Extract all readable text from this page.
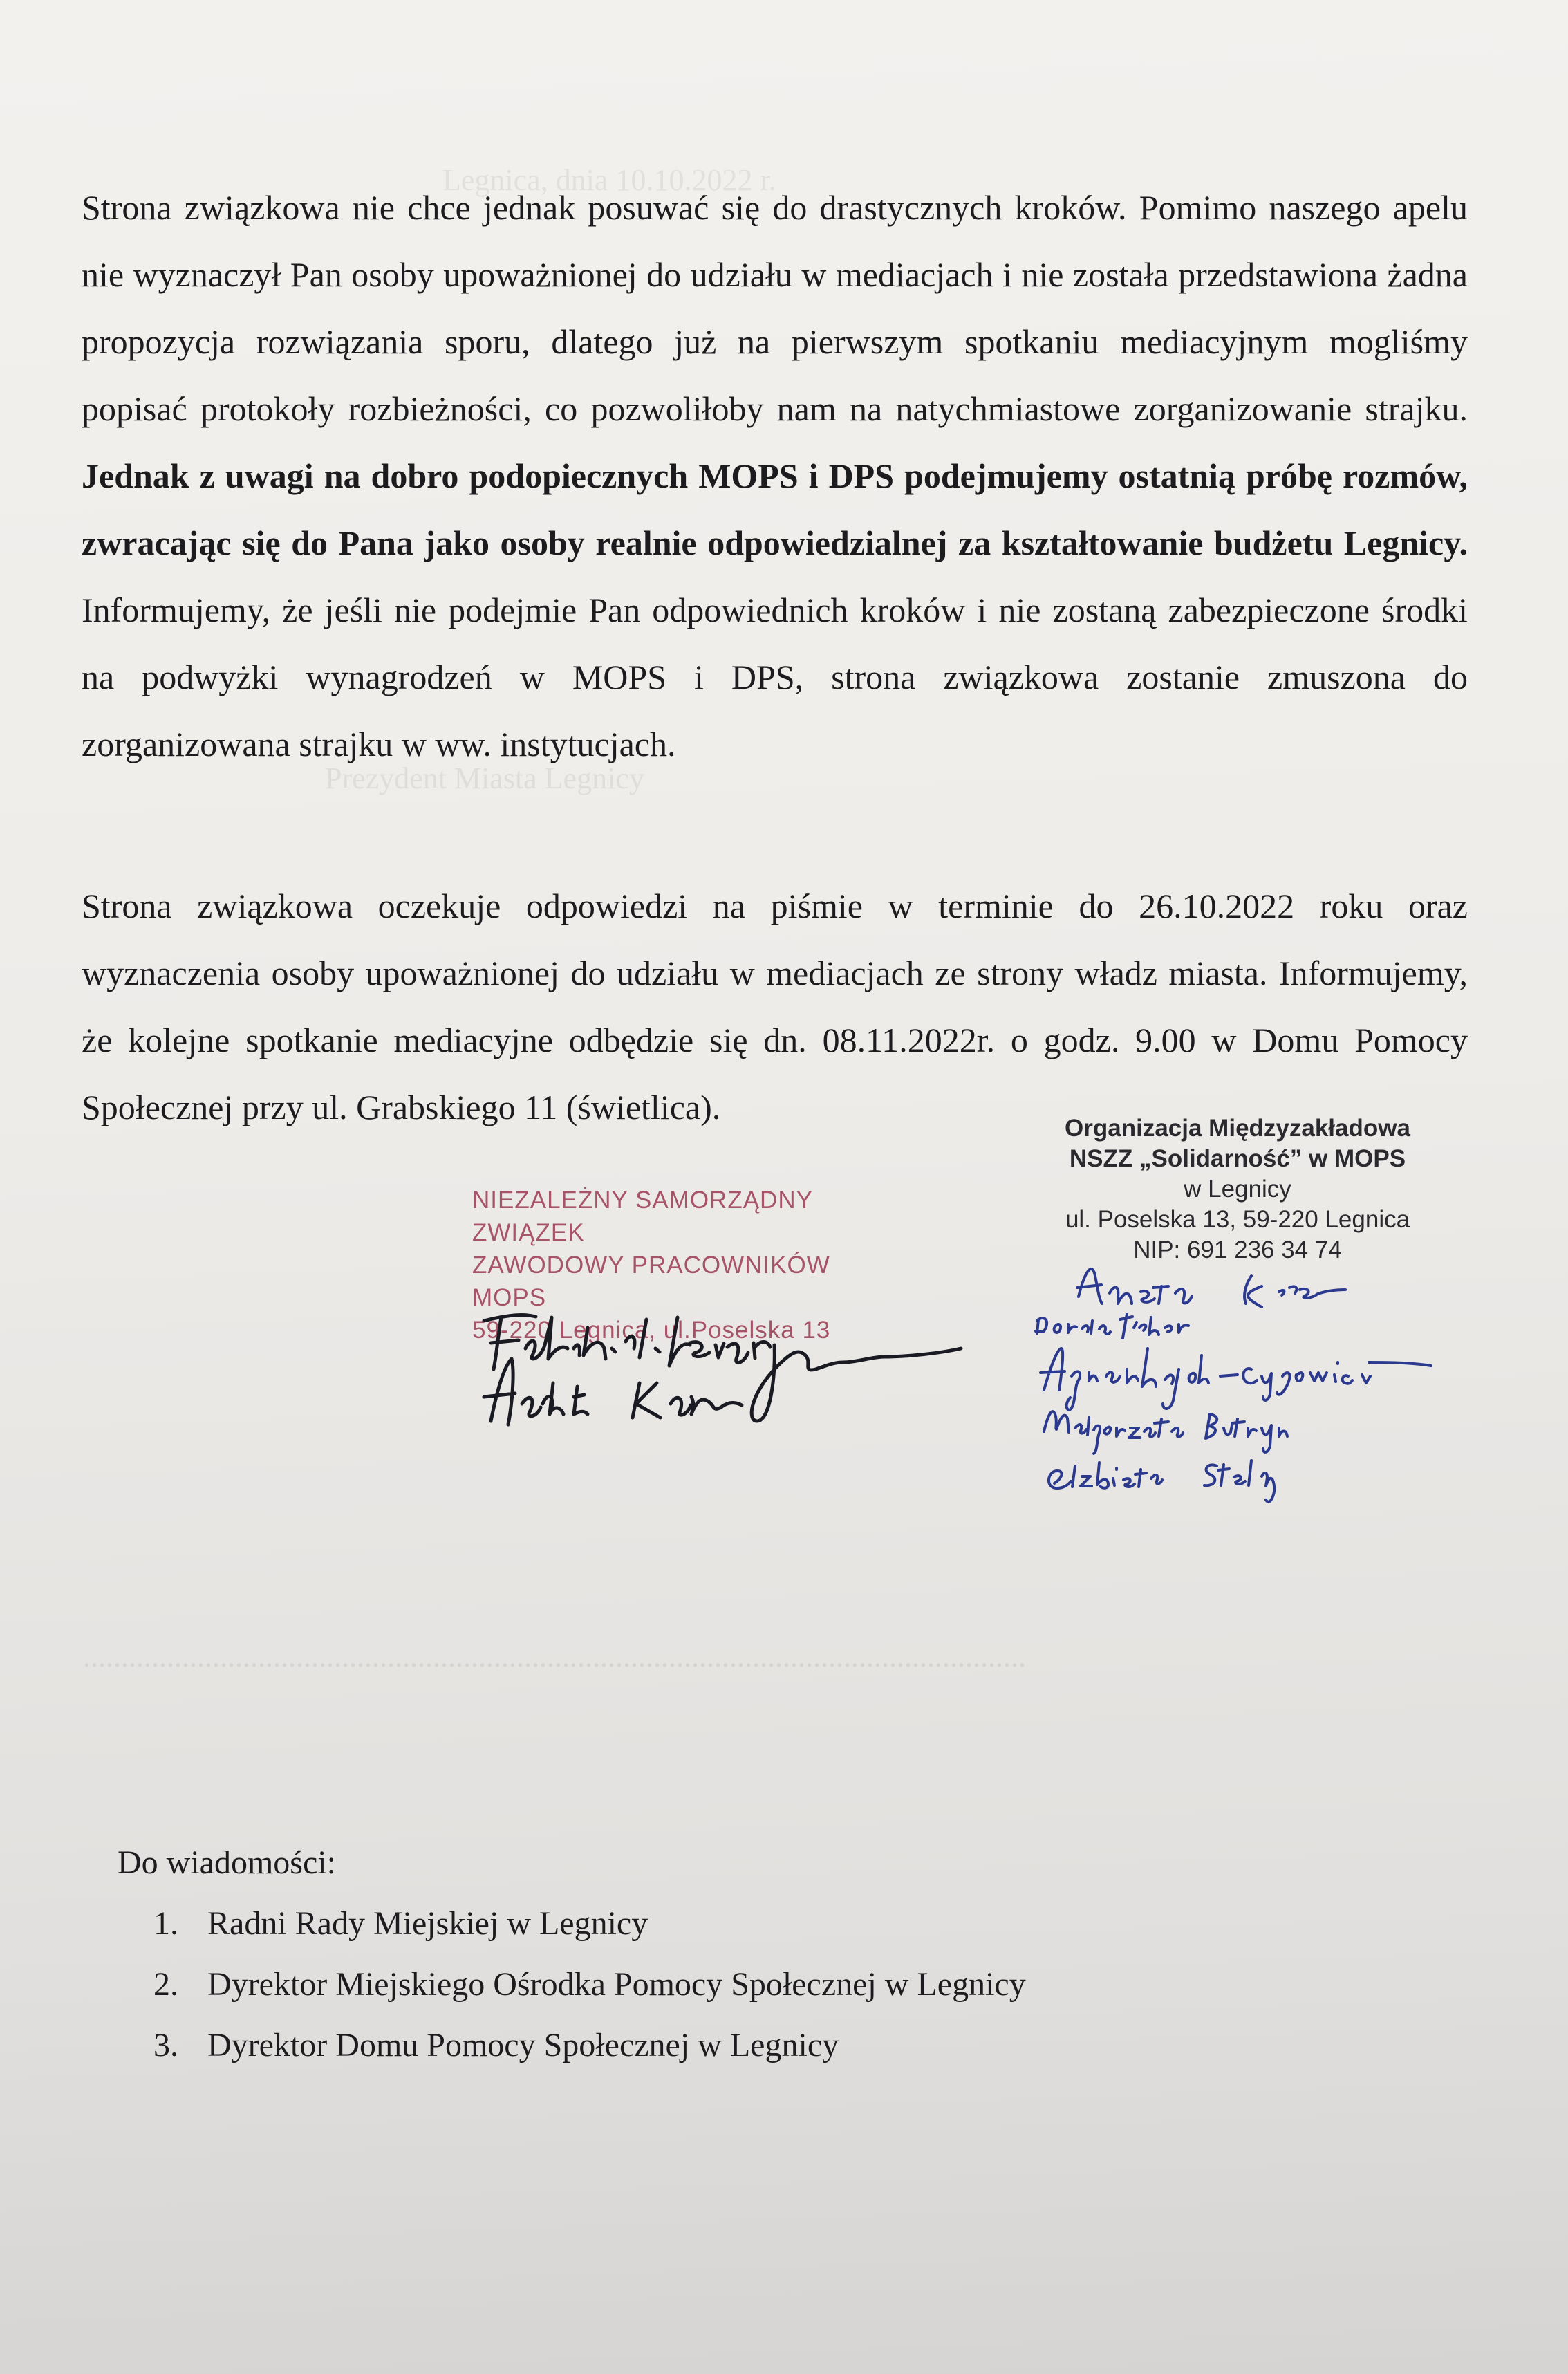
Legnica, dnia 10.10.2022 r.
Prezydent Miasta Legnicy
............................................................................................................................

Strona związkowa nie chce jednak posuwać się do drastycznych kroków. Pomimo naszego apelu nie wyznaczył Pan osoby upoważnionej do udziału w mediacjach i nie została przedstawiona żadna propozycja rozwiązania sporu, dlatego już na pierwszym spotkaniu mediacyjnym mogliśmy popisać protokoły rozbieżności, co pozwoliłoby nam na natychmiastowe zorganizowanie strajku. Jednak z uwagi na dobro podopiecznych MOPS i DPS podejmujemy ostatnią próbę rozmów, zwracając się do Pana jako osoby realnie odpowiedzialnej za kształtowanie budżetu Legnicy. Informujemy, że jeśli nie podejmie Pan odpowiednich kroków i nie zostaną zabezpieczone środki na podwyżki wynagrodzeń w MOPS i DPS, strona związkowa zostanie zmuszona do zorganizowana strajku w ww. instytucjach.

Strona związkowa oczekuje odpowiedzi na piśmie w terminie do 26.10.2022 roku oraz wyznaczenia osoby upoważnionej do udziału w mediacjach ze strony władz miasta. Informujemy, że kolejne spotkanie mediacyjne odbędzie się dn. 08.11.2022r. o godz. 9.00 w Domu Pomocy Społecznej przy ul. Grabskiego 11 (świetlica).

Organizacja Międzyzakładowa
NSZZ „Solidarność” w MOPS
w Legnicy
ul. Poselska 13, 59-220 Legnica
NIP: 691 236 34 74
NIEZALEŻNY SAMORZĄDNY ZWIĄZEK
ZAWODOWY PRACOWNIKÓW MOPS
59-220 Legnica, ul.Poselska 13
Do wiadomości:
1. Radni Rady Miejskiej w Legnicy
2. Dyrektor Miejskiego Ośrodka Pomocy Społecznej w Legnicy
3. Dyrektor Domu Pomocy Społecznej w Legnicy
